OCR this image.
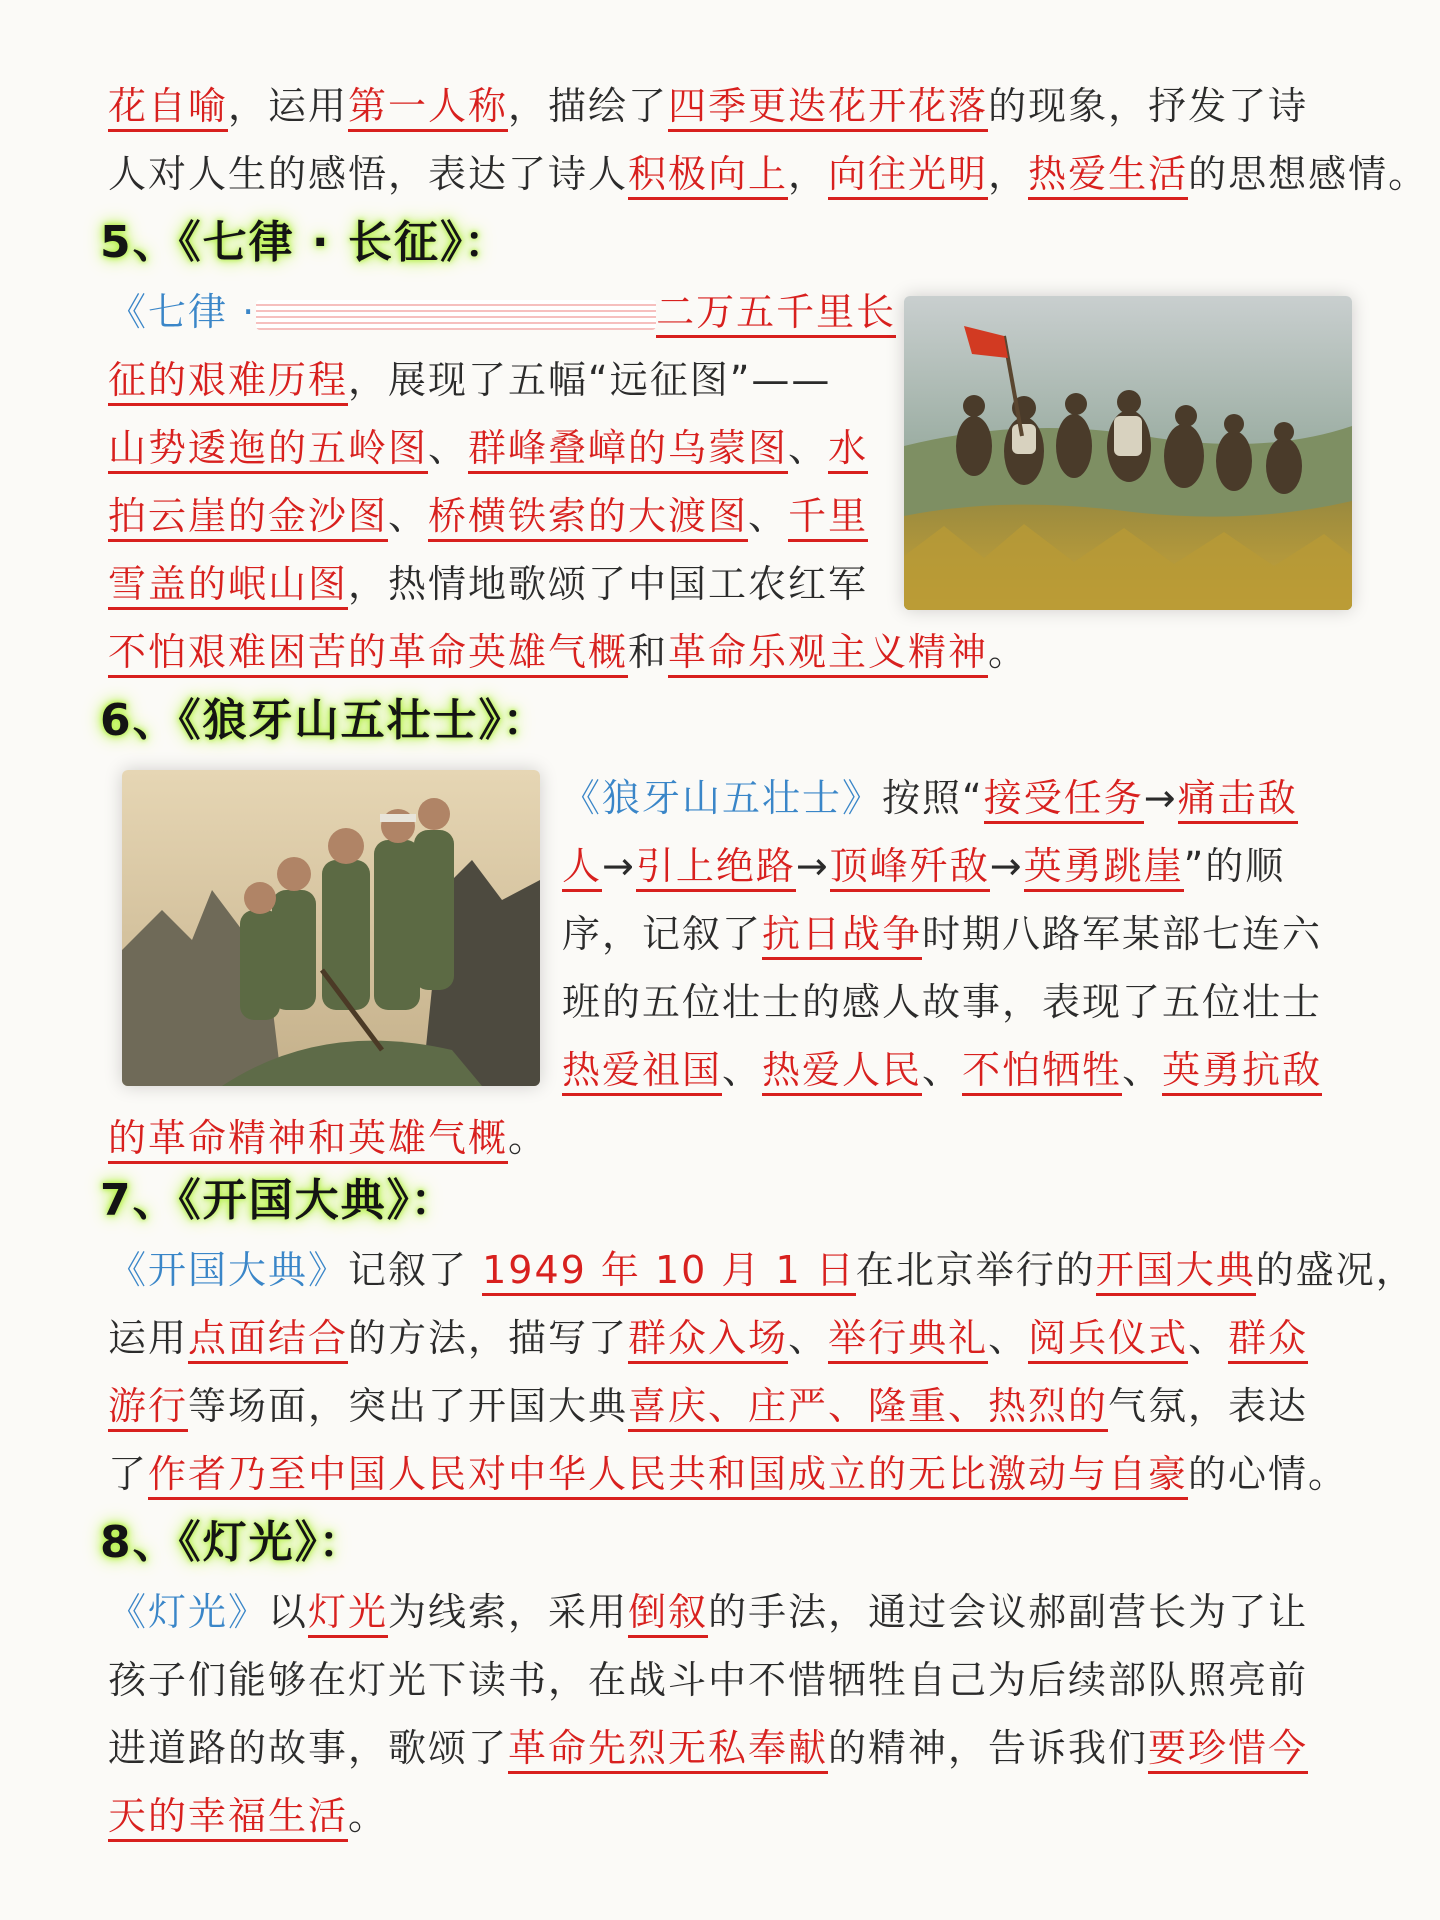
花自喻，运用第一人称，描绘了四季更迭花开花落的现象，抒发了诗
人对人生的感悟，表达了诗人积极向上，向往光明，热爱生活的思想感情。
5、《七律 · 长征》：
《七律 ·	二万五千里长
征的艰难历程，展现了五幅“远征图”——
山势逶迤的五岭图、群峰叠嶂的乌蒙图、水
拍云崖的金沙图、桥横铁索的大渡图、千里
雪盖的岷山图，热情地歌颂了中国工农红军
不怕艰难困苦的革命英雄气概和革命乐观主义精神。
6、《狼牙山五壮士》：
《狼牙山五壮士》按照“接受任务→痛击敌
人→引上绝路→顶峰歼敌→英勇跳崖”的顺
序，记叙了抗日战争时期八路军某部七连六
班的五位壮士的感人故事，表现了五位壮士
热爱祖国、热爱人民、不怕牺牲、英勇抗敌
的革命精神和英雄气概。
7、《开国大典》：
《开国大典》记叙了 1949 年 10 月 1 日在北京举行的开国大典的盛况，
运用点面结合的方法，描写了群众入场、举行典礼、阅兵仪式、群众
游行等场面，突出了开国大典喜庆、庄严、隆重、热烈的气氛，表达
了作者乃至中国人民对中华人民共和国成立的无比激动与自豪的心情。
8、《灯光》：
《灯光》以灯光为线索，采用倒叙的手法，通过会议郝副营长为了让
孩子们能够在灯光下读书，在战斗中不惜牺牲自己为后续部队照亮前
进道路的故事，歌颂了革命先烈无私奉献的精神，告诉我们要珍惜今
天的幸福生活。
